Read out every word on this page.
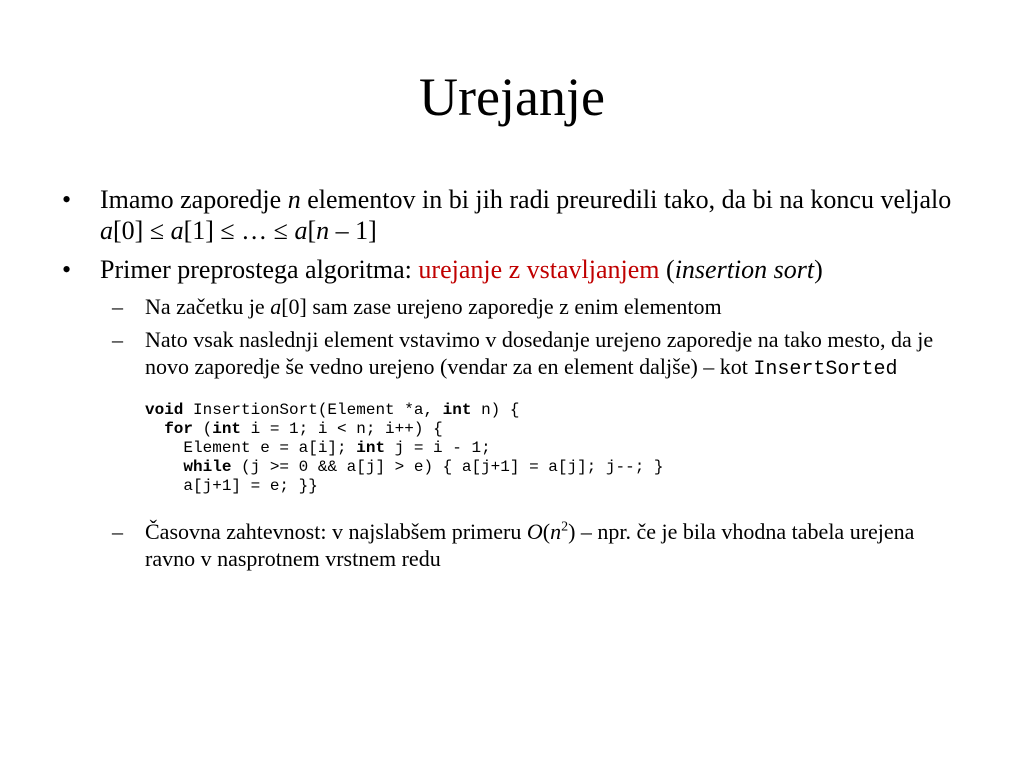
Urejanje
• Imamo zaporedje n elementov in bi jih radi preuredili tako, da bi na koncu veljalo a[0] ≤ a[1] ≤ … ≤ a[n – 1]
• Primer preprostega algoritma: urejanje z vstavljanjem (insertion sort)
– Na začetku je a[0] sam zase urejeno zaporedje z enim elementom
– Nato vsak naslednji element vstavimo v dosedanje urejeno zaporedje na tako mesto, da je novo zaporedje še vedno urejeno (vendar za en element daljše) – kot InsertSorted
void InsertionSort(Element *a, int n) {
for (int i = 1; i < n; i++) {
Element e = a[i]; int j = i - 1;
while (j >= 0 && a[j] > e) { a[j+1] = a[j]; j--; }
a[j+1] = e; }}
– Časovna zahtevnost: v najslabšem primeru $O(n^2)$ – npr. če je bila vhodna tabela urejena ravno v nasprotnem vrstnem redu
